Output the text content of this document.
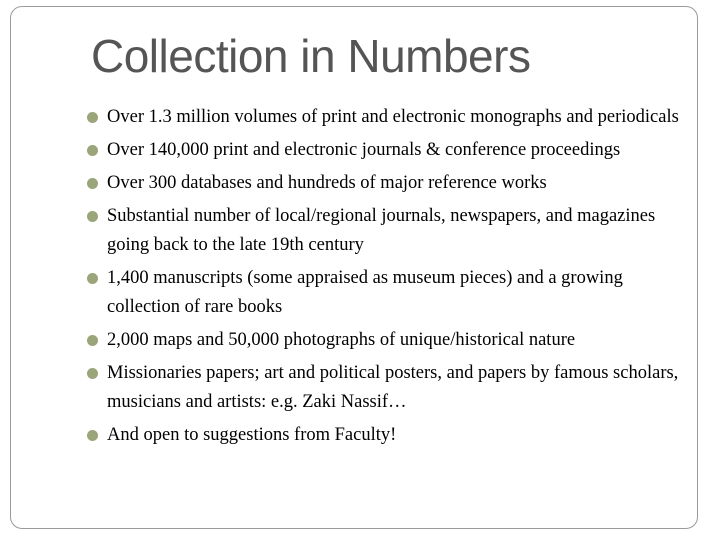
Collection in Numbers
Over 1.3 million volumes of print and electronic monographs and periodicals
Over 140,000 print and electronic journals & conference proceedings
Over 300 databases and hundreds of major reference works
Substantial number of local/regional journals, newspapers, and magazines going back to the late 19th century
1,400 manuscripts (some appraised as museum pieces) and a growing collection of rare books
2,000 maps and 50,000 photographs of unique/historical nature
Missionaries papers; art and political posters, and papers by famous scholars, musicians and artists: e.g. Zaki Nassif…
And open to suggestions from Faculty!
